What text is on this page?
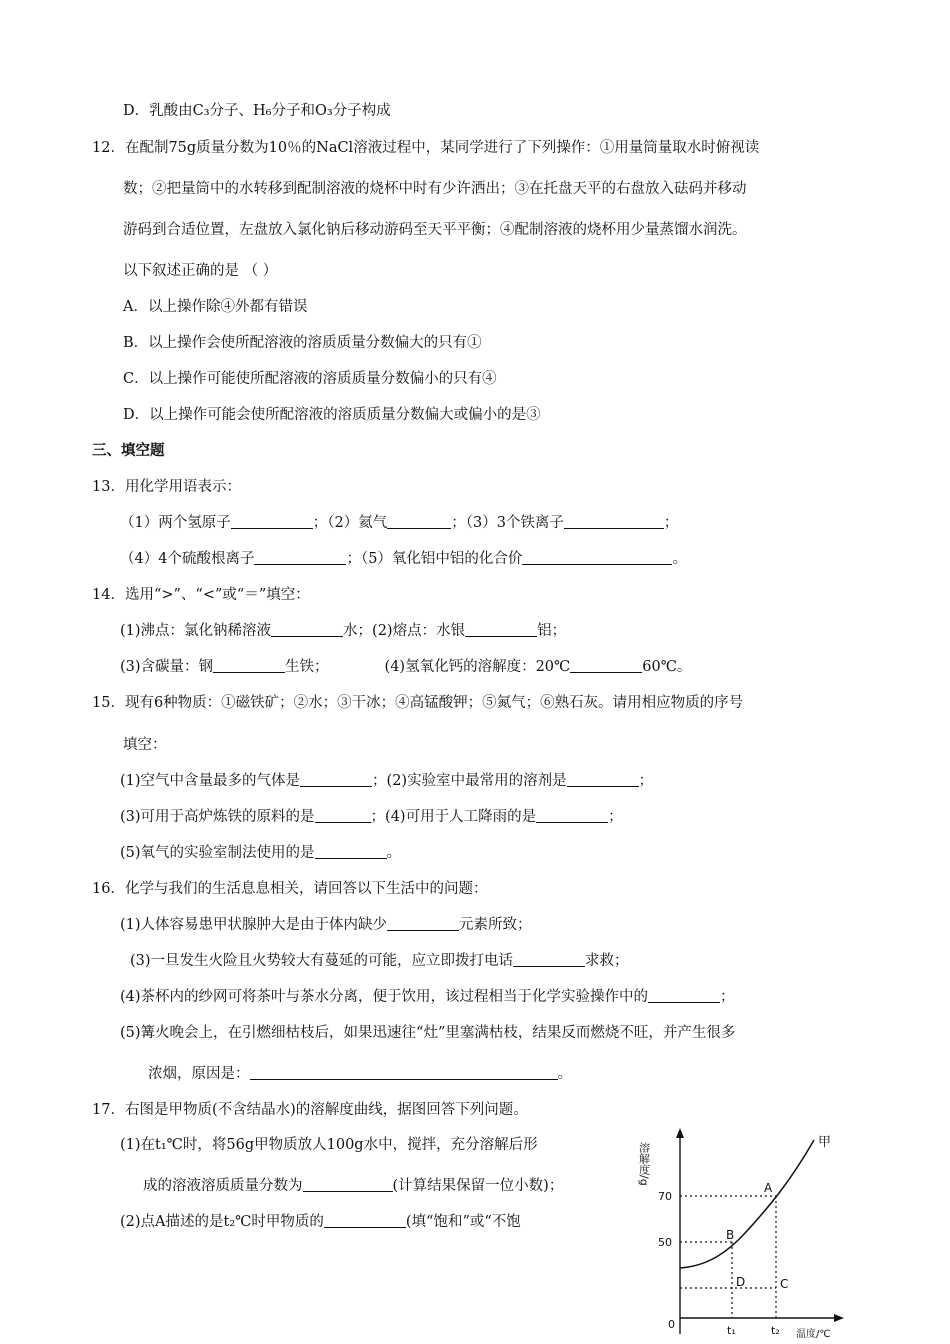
D．乳酸由C₃分子、H₆分子和O₃分子构成
12．在配制75g质量分数为10％的NaCl溶液过程中，某同学进行了下列操作：①用量筒量取水时俯视读
数；②把量筒中的水转移到配制溶液的烧杯中时有少许洒出；③在托盘天平的右盘放入砝码并移动
游码到合适位置，左盘放入氯化钠后移动游码至天平平衡；④配制溶液的烧杯用少量蒸馏水润洗。
以下叙述正确的是 （ ）
A．以上操作除④外都有错误
B．以上操作会使所配溶液的溶质质量分数偏大的只有①
C．以上操作可能使所配溶液的溶质质量分数偏小的只有④
D．以上操作可能会使所配溶液的溶质质量分数偏大或偏小的是③
三、填空题
13．用化学用语表示：
（1）两个氢原子	；（2）氦气	；（3）3个铁离子	；
（4）4个硫酸根离子	；（5）氧化铝中铝的化合价	。
14．选用“>”、“<”或“＝”填空：
(1)沸点：氯化钠稀溶液	水；(2)熔点：水银	铝；
(3)含碳量：钢	生铁；	(4)氢氧化钙的溶解度：20℃	60℃。
15．现有6种物质：①磁铁矿；②水；③干冰；④高锰酸钾；⑤氮气；⑥熟石灰。请用相应物质的序号
填空：
(1)空气中含量最多的气体是	；(2)实验室中最常用的溶剂是	；
(3)可用于高炉炼铁的原料的是	；(4)可用于人工降雨的是	；
(5)氧气的实验室制法使用的是	。
16．化学与我们的生活息息相关，请回答以下生活中的问题：
(1)人体容易患甲状腺肿大是由于体内缺少	元素所致；
(3)一旦发生火险且火势较大有蔓延的可能，应立即拨打电话	求救；
(4)茶杯内的纱网可将茶叶与茶水分离，便于饮用，该过程相当于化学实验操作中的	；
(5)篝火晚会上，在引燃细枯枝后，如果迅速往“灶”里塞满枯枝，结果反而燃烧不旺，并产生很多
浓烟，原因是：	。
17．右图是甲物质(不含结晶水)的溶解度曲线，据图回答下列问题。
(1)在t₁℃时，将56g甲物质放人100g水中，搅拌，充分溶解后形
成的溶液溶质质量分数为	(计算结果保留一位小数)；
(2)点A描述的是t₂℃时甲物质的	(填“饱和”或“不饱
甲
溶解度/g
温度/℃
70
50
0	t₁	t₂
A
B
C
D
